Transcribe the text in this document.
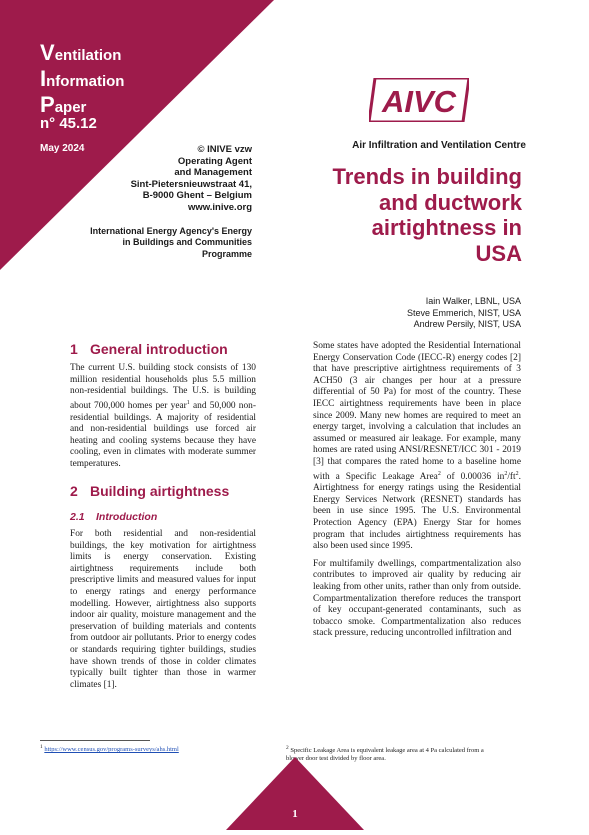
Ventilation
Information
Paper
n° 45.12
May 2024	© INIVE vzw
Operating Agent
and Management
Sint-Pietersnieuwstraat 41,
B-9000 Ghent – Belgium
www.inive.org
International Energy Agency's Energy
in Buildings and Communities
Programme
AIVC
Air Infiltration and Ventilation Centre
Trends in building
and ductwork
airtightness in
USA
Iain Walker, LBNL, USA
Steve Emmerich, NIST, USA
Andrew Persily, NIST, USA
1 General introduction

The current U.S. building stock consists of 130 million residential households plus 5.5 million non-residential buildings. The U.S. is building about 700,000 homes per year$^1$ and 50,000 non-residential buildings. A majority of residential and non-residential buildings use forced air heating and cooling systems because they have cooling, even in climates with moderate summer temperatures.

2 Building airtightness
2.1 Introduction

For both residential and non-residential buildings, the key motivation for airtightness limits is energy conservation. Existing airtightness requirements include both prescriptive limits and measured values for input to energy ratings and energy performance modelling. However, airtightness also supports indoor air quality, moisture management and the preservation of building materials and contents from outdoor air pollutants. Prior to energy codes or standards requiring tighter buildings, studies have shown trends of those in colder climates typically built tighter than those in warmer climates [1].

Some states have adopted the Residential International Energy Conservation Code (IECC-R) energy codes [2] that have prescriptive airtightness requirements of 3 ACH50 (3 air changes per hour at a pressure differential of 50 Pa) for most of the country. These IECC airtightness requirements have been in place since 2009. Many new homes are required to meet an energy target, involving a calculation that includes an assumed or measured air leakage. For example, many homes are rated using ANSI/RESNET/ICC 301 - 2019 [3] that compares the rated home to a baseline home with a Specific Leakage Area$^2$ of 0.00036 $in^2/ft^2$. Airtightness for energy ratings using the Residential Energy Services Network (RESNET) standards has been in use since 1995. The U.S. Environmental Protection Agency (EPA) Energy Star for homes program that includes airtightness requirements has also been used since 1995.

For multifamily dwellings, compartmentalization also contributes to improved air quality by reducing air leaking from other units, rather than only from outside. Compartmentalization therefore reduces the transport of key occupant-generated contaminants, such as tobacco smoke. Compartmentalization also reduces stack pressure, reducing uncontrolled infiltration and

$^1$ https://www.census.gov/programs-surveys/ahs.html	$^2$ Specific Leakage Area is equivalent leakage area at 4 Pa calculated from a blower door test divided by floor area.
1
